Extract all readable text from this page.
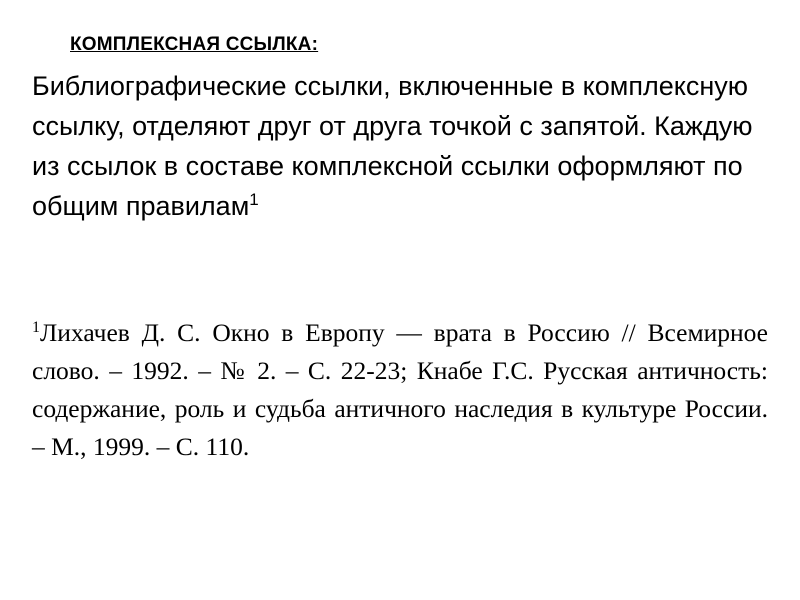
КОМПЛЕКСНАЯ ССЫЛКА:
Библиографические ссылки, включенные в комплексную ссылку, отделяют друг от друга точкой с запятой. Каждую из ссылок в составе комплексной ссылки оформляют по общим правилам$^1$
$^1$Лихачев Д. С. Окно в Европу — врата в Россию // Всемирное слово. – 1992. – № 2. – С. 22-23; Кнабе Г.С. Русская античность: содержание, роль и судьба античного наследия в культуре России. – М., 1999. – С. 110.
